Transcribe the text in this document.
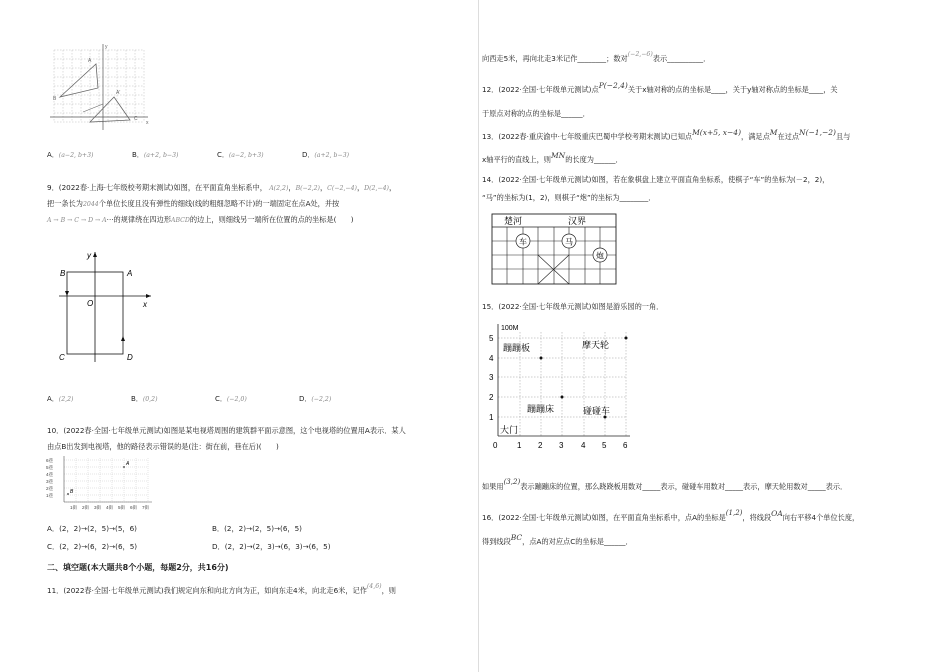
A
B
A'
C
x
y
A．(a−2, b+3)	B．(a+2, b−3)	C．(a−2, b+3)	D．(a+2, b−3)
9．(2022春·上海·七年级校考期末测试)如图，在平面直角坐标系中， A(2,2)，B(−2,2)，C(−2,−4)，D(2,−4)，
把一条长为2044个单位长度且没有弹性的细线(线的粗细忽略不计)的一端固定在点A处，并按
A → B → C → D → A···的规律绕在四边形ABCD的边上，则细线另一端所在位置的点的坐标是(　　)
B	A
C	D
O	x
y
A．(2,2)	B．(0,2)	C．(−2,0)	D．(−2,2)
10．(2022春·全国·七年级单元测试)如图是某电视塔周围的建筑群平面示意图，这个电视塔的位置用A表示．某人
由点B出发到电视塔，他的路径表示错误的是(注：街在前，巷在后)(　　)
6巷
5巷
4巷
3巷
2巷
1巷
1街 2街 3街 4街 5街 6街 7街
A
B
A．(2，2)→(2，5)→(5，6)	B．(2，2)→(2，5)→(6，5)
C．(2，2)→(6，2)→(6，5)	D．(2，2)→(2，3)→(6，3)→(6，5)
二、填空题(本大题共8个小题，每题2分，共16分)
11．(2022春·全国·七年级单元测试)我们规定向东和向北方向为正，如向东走4米，向北走6米，记作(4,6)，则
向西走5米，再向北走3米记作________；数对(−2,−6)表示__________．
12．(2022·全国·七年级单元测试)点P(−2,4)关于x轴对称的点的坐标是____，关于y轴对称点的坐标是____，关
于原点对称的点的坐标是______．
13．(2022春·重庆渝中·七年级重庆巴蜀中学校考期末测试)已知点M(x+5, x−4)，满足点M在过点N(−1,−2)且与
x轴平行的直线上，则MN的长度为______．
14．(2022·全国·七年级单元测试)如图，若在象棋盘上建立平面直角坐标系，使棋子“车”的坐标为(－2，2)，
“马”的坐标为(1，2)，则棋子“炮”的坐标为________．
楚河	汉界
车	马
炮
15．(2022·全国·七年级单元测试)如图是游乐园的一角．
100M
5
4
3
2
1
0 1 2 3 4 5 6
蹦蹦板	摩天轮
蹦蹦床	碰碰车
大门
如果用(3,2)表示蹦蹦床的位置，那么跷跷板用数对_____表示，碰碰车用数对_____表示，摩天轮用数对_____表示．
16．(2022·全国·七年级单元测试)如图，在平面直角坐标系中，点A的坐标是(1,2)，将线段OA向右平移4个单位长度，
得到线段BC，点A的对应点C的坐标是______．
